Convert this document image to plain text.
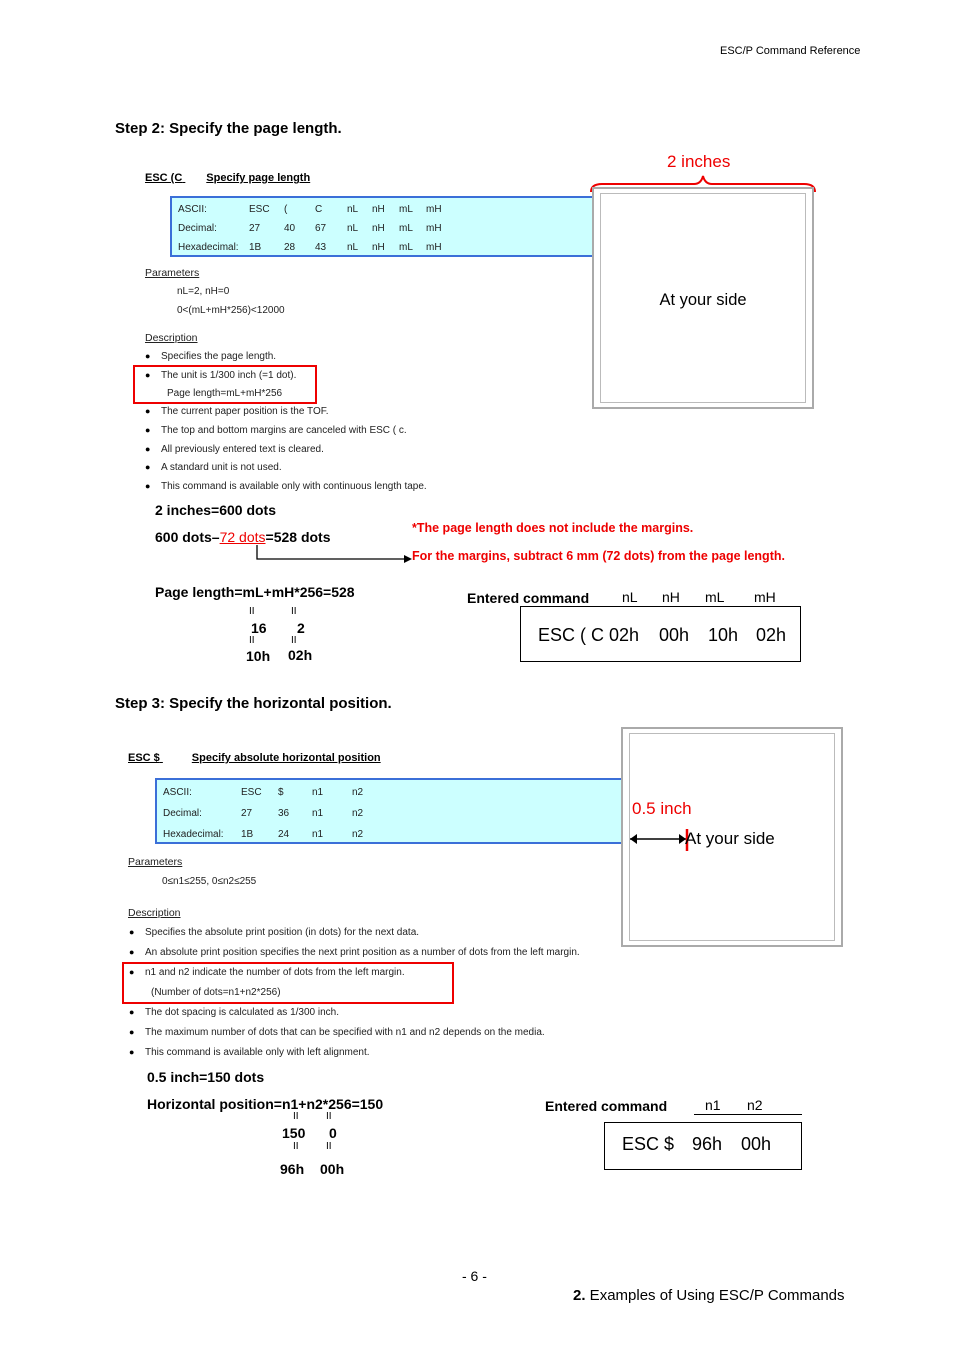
ESC/P Command Reference
Step 2: Specify the page length.
ESC (C Specify page length
ASCII:	ESC	(	C	nL	nH	mL	mH
Decimal:	27	40	67	nL	nH	mL	mH
Hexadecimal:	1B	28	43	nL	nH	mL	mH
Parameters
nL=2, nH=0
0<(mL+mH*256)<12000
Description
● Specifies the page length.
● The unit is 1/300 inch (=1 dot).
Page length=mL+mH*256
● The current paper position is the TOF.
● The top and bottom margins are canceled with ESC ( c.
● All previously entered text is cleared.
● A standard unit is not used.
● This command is available only with continuous length tape.
2 inches
At your side
2 inches=600 dots
600 dots–72 dots=528 dots
*The page length does not include the margins.
For the margins, subtract 6 mm (72 dots) from the page length.
Page length=mL+mH*256=528
II	II
16 2
II	II
10h 02h
Entered command nL nH mL mH
ESC ( C 02h 00h 10h 02h
Step 3: Specify the horizontal position.
ESC $	Specify absolute horizontal position
ASCII:	ESC	$	n1	n2
Decimal:	27	36	n1	n2
Hexadecimal:	1B	24	n1	n2
Parameters
0≤n1≤255, 0≤n2≤255
Description
● Specifies the absolute print position (in dots) for the next data.
● An absolute print position specifies the next print position as a number of dots from the left margin.
● n1 and n2 indicate the number of dots from the left margin.
(Number of dots=n1+n2*256)
● The dot spacing is calculated as 1/300 inch.
● The maximum number of dots that can be specified with n1 and n2 depends on the media.
● This command is available only with left alignment.
0.5 inch
At your side
0.5 inch=150 dots
Horizontal position=n1+n2*256=150
II	II
150 0
II	II
96h 00h
Entered command	n1 n2
ESC $ 96h 00h
- 6 -
2. Examples of Using ESC/P Commands
